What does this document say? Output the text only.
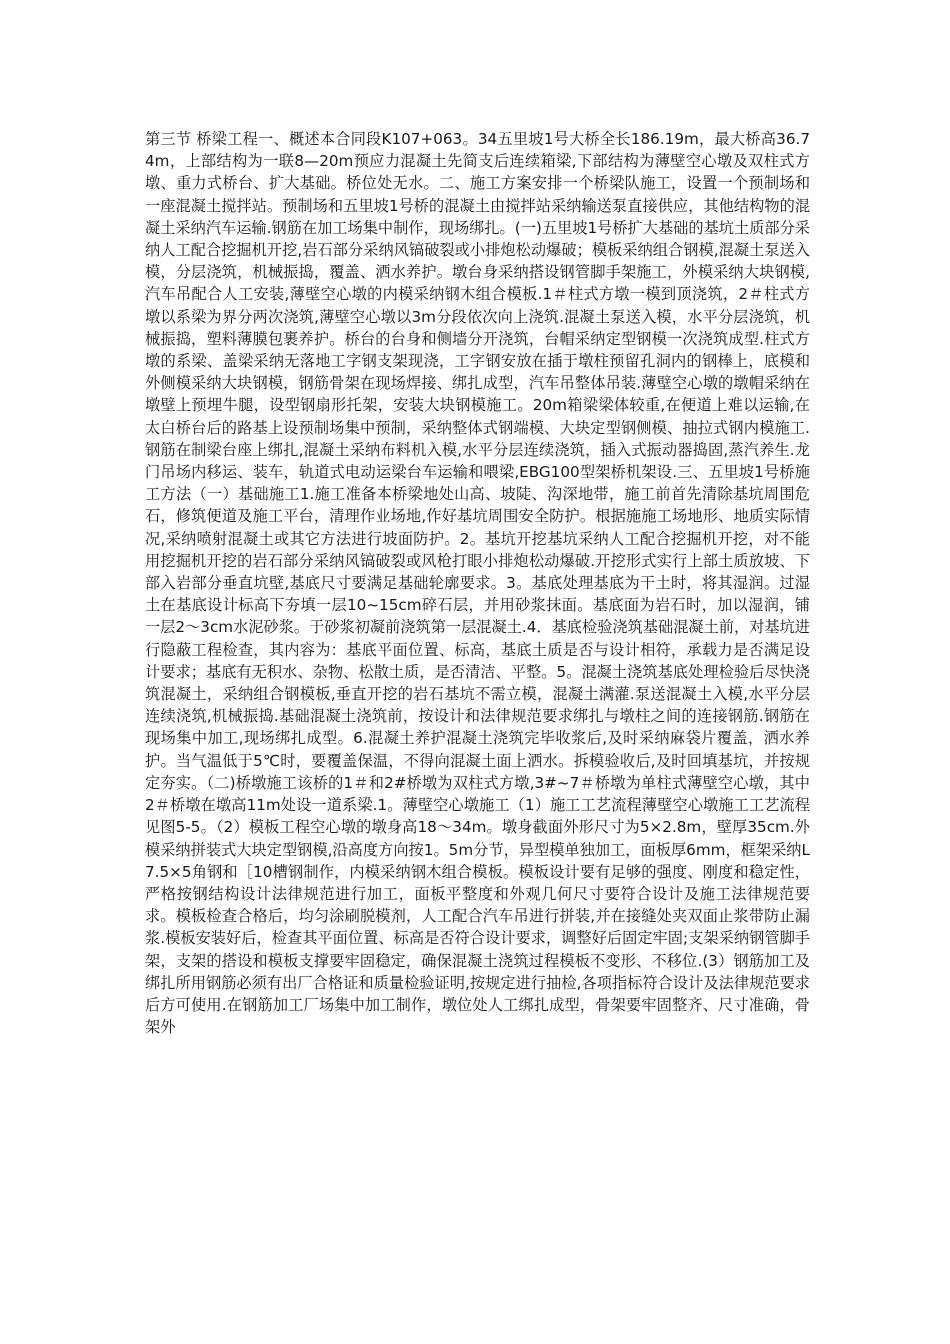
第三节 桥梁工程一、概述本合同段K107+063。34五里坡1号大桥全长186.19m，最大桥高36.74m，上部结构为一联8—20m预应力混凝土先简支后连续箱梁,下部结构为薄壁空心墩及双柱式方墩、重力式桥台、扩大基础。桥位处无水。二、施工方案安排一个桥梁队施工，设置一个预制场和一座混凝土搅拌站。预制场和五里坡1号桥的混凝土由搅拌站采纳输送泵直接供应，其他结构物的混凝土采纳汽车运输.钢筋在加工场集中制作，现场绑扎。(一)五里坡1号桥扩大基础的基坑土质部分采纳人工配合挖掘机开挖,岩石部分采纳风镐破裂或小排炮松动爆破；模板采纳组合钢模,混凝土泵送入模，分层浇筑，机械振捣，覆盖、洒水养护。墩台身采纳搭设钢管脚手架施工，外模采纳大块钢模,汽车吊配合人工安装,薄壁空心墩的内模采纳钢木组合模板.1＃柱式方墩一模到顶浇筑，2＃柱式方墩以系梁为界分两次浇筑,薄壁空心墩以3m分段依次向上浇筑.混凝土泵送入模，水平分层浇筑，机械振捣，塑料薄膜包裹养护。桥台的台身和侧墙分开浇筑，台帽采纳定型钢模一次浇筑成型.柱式方墩的系梁、盖梁采纳无落地工字钢支架现浇，工字钢安放在插于墩柱预留孔洞内的钢棒上，底模和外侧模采纳大块钢模，钢筋骨架在现场焊接、绑扎成型，汽车吊整体吊装.薄壁空心墩的墩帽采纳在墩壁上预埋牛腿，设型钢扇形托架，安装大块钢模施工。20m箱梁梁体较重,在便道上难以运输,在太白桥台后的路基上设预制场集中预制，采纳整体式钢端模、大块定型钢侧模、抽拉式钢内模施工.钢筋在制梁台座上绑扎,混凝土采纳布料机入模,水平分层连续浇筑，插入式振动器捣固,蒸汽养生.龙门吊场内移运、装车，轨道式电动运梁台车运输和喂梁,EBG100型架桥机架设.三、五里坡1号桥施工方法（一）基础施工1.施工准备本桥梁地处山高、坡陡、沟深地带，施工前首先清除基坑周围危石，修筑便道及施工平台，清理作业场地,作好基坑周围安全防护。根据施施工场地形、地质实际情况,采纳喷射混凝土或其它方法进行坡面防护。2。基坑开挖基坑采纳人工配合挖掘机开挖，对不能用挖掘机开挖的岩石部分采纳风镐破裂或风枪打眼小排炮松动爆破.开挖形式实行上部土质放坡、下部入岩部分垂直坑壁,基底尺寸要满足基础轮廓要求。3。基底处理基底为干土时，将其湿润。过湿土在基底设计标高下夯填一层10~15cm碎石层，并用砂浆抹面。基底面为岩石时，加以湿润，铺一层2～3cm水泥砂浆。于砂浆初凝前浇筑第一层混凝土.4．基底检验浇筑基础混凝土前，对基坑进行隐蔽工程检查，其内容为：基底平面位置、标高，基底土质是否与设计相符，承载力是否满足设计要求；基底有无积水、杂物、松散土质，是否清洁、平整。5。混凝土浇筑基底处理检验后尽快浇筑混凝土，采纳组合钢模板,垂直开挖的岩石基坑不需立模，混凝土满灌.泵送混凝土入模,水平分层连续浇筑,机械振捣.基础混凝土浇筑前，按设计和法律规范要求绑扎与墩柱之间的连接钢筋.钢筋在现场集中加工,现场绑扎成型。6.混凝土养护混凝土浇筑完毕收浆后,及时采纳麻袋片覆盖，洒水养护。当气温低于5℃时，要覆盖保温，不得向混凝土面上洒水。拆模验收后,及时回填基坑，并按规定夯实。（二)桥墩施工该桥的1＃和2#桥墩为双柱式方墩,3#~7＃桥墩为单柱式薄壁空心墩，其中2＃桥墩在墩高11m处设一道系梁.1。薄壁空心墩施工（1）施工工艺流程薄壁空心墩施工工艺流程见图5-5。（2）模板工程空心墩的墩身高18～34m。墩身截面外形尺寸为5×2.8m，壁厚35cm.外模采纳拼装式大块定型钢模,沿高度方向按1。5m分节，异型模单独加工，面板厚6mm，框架采纳L7.5×5角钢和［10槽钢制作，内模采纳钢木组合模板。模板设计要有足够的强度、刚度和稳定性，严格按钢结构设计法律规范进行加工，面板平整度和外观几何尺寸要符合设计及施工法律规范要求。模板检查合格后，均匀涂刷脱模剂，人工配合汽车吊进行拼装,并在接缝处夹双面止浆带防止漏浆.模板安装好后，检查其平面位置、标高是否符合设计要求，调整好后固定牢固;支架采纳钢管脚手架，支架的搭设和模板支撑要牢固稳定，确保混凝土浇筑过程模板不变形、不移位.(3）钢筋加工及绑扎所用钢筋必须有出厂合格证和质量检验证明,按规定进行抽检,各项指标符合设计及法律规范要求后方可使用.在钢筋加工厂场集中加工制作，墩位处人工绑扎成型，骨架要牢固整齐、尺寸准确，骨架外
